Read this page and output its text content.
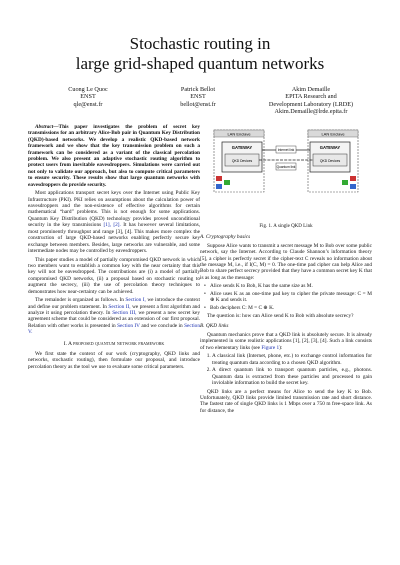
Stochastic routing in
large grid-shaped quantum networks
Cuong Le Quoc
ENST
qle@enst.fr
Patrick Bellot
ENST
bellot@enst.fr
Akim Demaille
EPITA Research and
Development Laboratory (LRDE)
Akim.Demaille@lrde.epita.fr

Abstract—This paper investigates the problem of secret key transmissions for an arbitrary Alice-Bob pair in Quantum Key Distribution (QKD)-based networks. We develop a realistic QKD-based network framework and we show that the key transmission problem on such a framework can be considered as a variant of the classical percolation problem. We also present an adaptive stochastic routing algorithm to protect users from inevitable eavesdroppers. Simulations were carried out not only to validate our approach, but also to compute critical parameters to ensure security. These results show that large quantum networks with eavesdroppers do provide security.

Most applications transport secret keys over the Internet using Public Key Infrastructure (PKI). PKI relies on assumptions about the calculation power of eavesdroppers and the non-existence of effective algorithms for certain mathematical “hard” problems. This is not enough for some applications. Quantum Key Distribution (QKD) technology provides proved unconditional security in the key transmissions [1], [2]. It has however several limitations, most prominently throughput and range [3], [4]. This makes more complex the construction of large QKD-based networks enabling perfectly secure key exchange between members. Besides, large networks are vulnerable, and some intermediate nodes may be controlled by eavesdroppers.

This paper studies a model of partially compromised QKD network in which two members want to establish a common key with the near certainty that this key will not be eavesdropped. The contributions are (i) a model of partially compromised QKD networks, (ii) a proposal based on stochastic routing to augment the secrecy, (iii) the use of percolation theory techniques to demonstrates how near-certainty can be achieved.

The remainder is organized as follows. In Section I, we introduce the context and define our problem statement. In Section II, we present a first algorithm and analyze it using percolation theory. In Section III, we present a new secret key agreement scheme that could be considered as an extension of our first proposal. Relation with other works is presented in Section IV and we conclude in Section V.

I. A proposed quantum network framework

We first state the context of our work (cryptography, QKD links and networks, stochastic routing), then formulate our proposal, and introduce percolation theory as the tool we use to evaluate some critical parameters.

LAN Enclave	LAN Enclave
GATEWAY	GATEWAY
QKD Devices	QKD Devices
Internet link
Quantum link
Fig. 1. A single QKD Link
A. Cryptography basics

Suppose Alice wants to transmit a secret message M to Bob over some public network, say the Internet. According to Claude Shannon’s information theory [5], a cipher is perfectly secret if the cipher-text C reveals no information about the message M, i.e., if I(C, M) = 0. The one-time pad cipher can help Alice and Bob to share perfect secrecy provided that they have a common secret key K that is as long as the message:

• Alice sends K to Bob, K has the same size as M.
• Alice uses K as an one-time pad key to cipher the private message: C = M ⊕ K and sends it.
• Bob deciphers C: M = C ⊕ K.

The question is: how can Alice send K to Bob with absolute secrecy?

B. QKD links

Quantum mechanics prove that a QKD link is absolutely secure. It is already implemented in some realistic applications [1], [2], [3], [4]. Such a link consists of two elementary links (see Figure 1):

1. A classical link (Internet, phone, etc.) to exchange control information for treating quantum data according to a chosen QKD algorithm.
2. A direct quantum link to transport quantum particles, e.g., photons. Quantum data is extracted from these particles and processed to gain inviolable information to build the secret key.

QKD links are a perfect means for Alice to send the key K to Bob. Unfortunately, QKD links provide limited transmission rate and short distance. The fastest rate of single QKD links is 1 Mbps over a 750 m free-space link. As for distance, the
